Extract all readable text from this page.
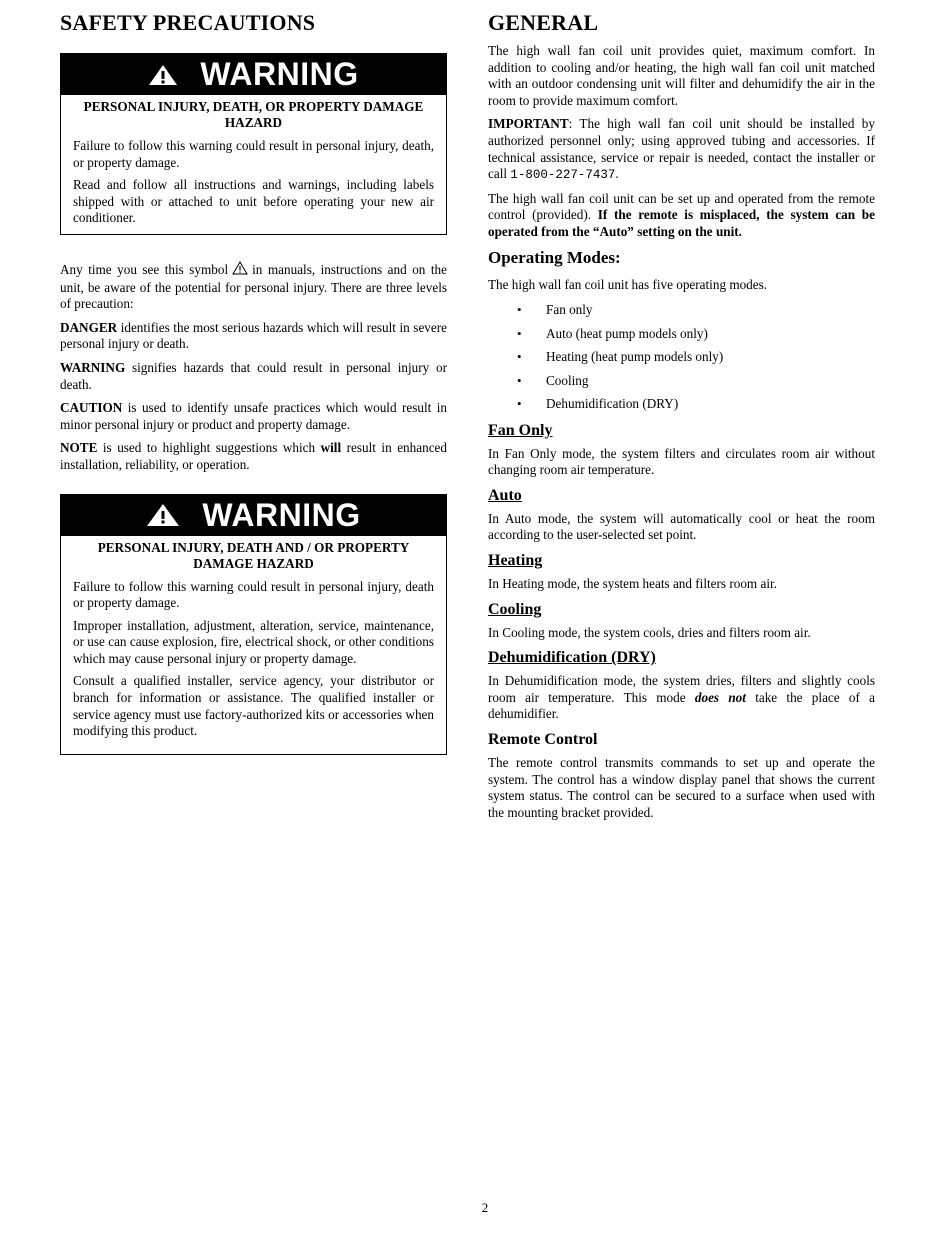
SAFETY PRECAUTIONS
WARNING
PERSONAL INJURY, DEATH, OR PROPERTY DAMAGE HAZARD

Failure to follow this warning could result in personal injury, death, or property damage.

Read and follow all instructions and warnings, including labels shipped with or attached to unit before operating your new air conditioner.

Any time you see this symbol in manuals, instructions and on the unit, be aware of the potential for personal injury. There are three levels of precaution:

DANGER identifies the most serious hazards which will result in severe personal injury or death.

WARNING signifies hazards that could result in personal injury or death.

CAUTION is used to identify unsafe practices which would result in minor personal injury or product and property damage.

NOTE is used to highlight suggestions which will result in enhanced installation, reliability, or operation.

WARNING
PERSONAL INJURY, DEATH AND / OR PROPERTY DAMAGE HAZARD

Failure to follow this warning could result in personal injury, death or property damage.

Improper installation, adjustment, alteration, service, maintenance, or use can cause explosion, fire, electrical shock, or other conditions which may cause personal injury or property damage.

Consult a qualified installer, service agency, your distributor or branch for information or assistance. The qualified installer or service agency must use factory-authorized kits or accessories when modifying this product.

GENERAL

The high wall fan coil unit provides quiet, maximum comfort. In addition to cooling and/or heating, the high wall fan coil unit matched with an outdoor condensing unit will filter and dehumidify the air in the room to provide maximum comfort.

IMPORTANT: The high wall fan coil unit should be installed by authorized personnel only; using approved tubing and accessories. If technical assistance, service or repair is needed, contact the installer or call 1-800-227-7437.

The high wall fan coil unit can be set up and operated from the remote control (provided). If the remote is misplaced, the system can be operated from the “Auto” setting on the unit.

Operating Modes:

The high wall fan coil unit has five operating modes.

• Fan only
• Auto (heat pump models only)
• Heating (heat pump models only)
• Cooling
• Dehumidification (DRY)
Fan Only

In Fan Only mode, the system filters and circulates room air without changing room air temperature.

Auto

In Auto mode, the system will automatically cool or heat the room according to the user-selected set point.

Heating

In Heating mode, the system heats and filters room air.

Cooling

In Cooling mode, the system cools, dries and filters room air.

Dehumidification (DRY)

In Dehumidification mode, the system dries, filters and slightly cools room air temperature. This mode does not take the place of a dehumidifier.

Remote Control

The remote control transmits commands to set up and operate the system. The control has a window display panel that shows the current system status. The control can be secured to a surface when used with the mounting bracket provided.

2
